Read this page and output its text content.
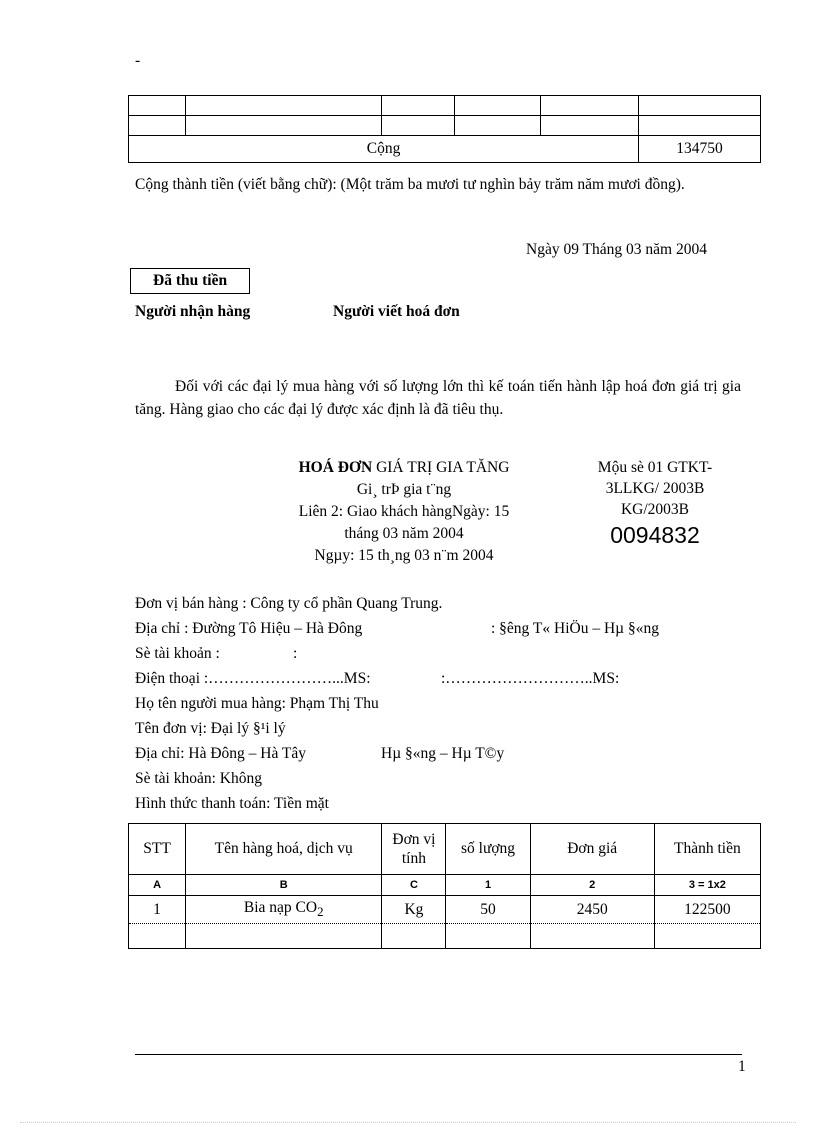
-

Cộng					134750
Cộng thành tiền (viết bằng chữ): (Một trăm ba mươi tư nghìn bảy trăm năm mươi đồng).
Ngày 09 Tháng 03 năm 2004
Đã thu tiền
Người nhận hàng	Người viết hoá đơn
Đối với các đại lý mua hàng với số lượng lớn thì kế toán tiến hành lập hoá đơn giá trị gia tăng. Hàng giao cho các đại lý được xác định là đã tiêu thụ.
HOÁ ĐƠN GIÁ TRỊ GIA TĂNG
Gi¸ trÞ gia t¨ng
Liên 2: Giao khách hàngNgày: 15
tháng 03 năm 2004
Ngµy: 15 th¸ng 03 n¨m 2004
Mộu sè 01 GTKT-
3LLKG/ 2003B
KG/2003B
0094832
Đơn vị bán hàng : Công ty cổ phần Quang Trung.
Địa chỉ : Đường Tô Hiệu – Hà Đông	: §êng T« HiÖu – Hµ §«ng
Sè tài khoản :	:
Điện thoại :……………………...MS:	:………………………..MS:
Họ tên người mua hàng: Phạm Thị Thu
Tên đơn vị: Đại lý §¹i lý
Địa chỉ: Hà Đông – Hà Tây	Hµ §«ng – Hµ T©y
Sè tài khoản: Không
Hình thức thanh toán: Tiền mặt
STT	Tên hàng hoá, dịch vụ	Đơn vị tính	số lượng	Đơn giá	Thành tiền
A	B	C	1	2	3 = 1x2
1	Bia nạp $CO_2$	Kg	50	2450	122500

1
